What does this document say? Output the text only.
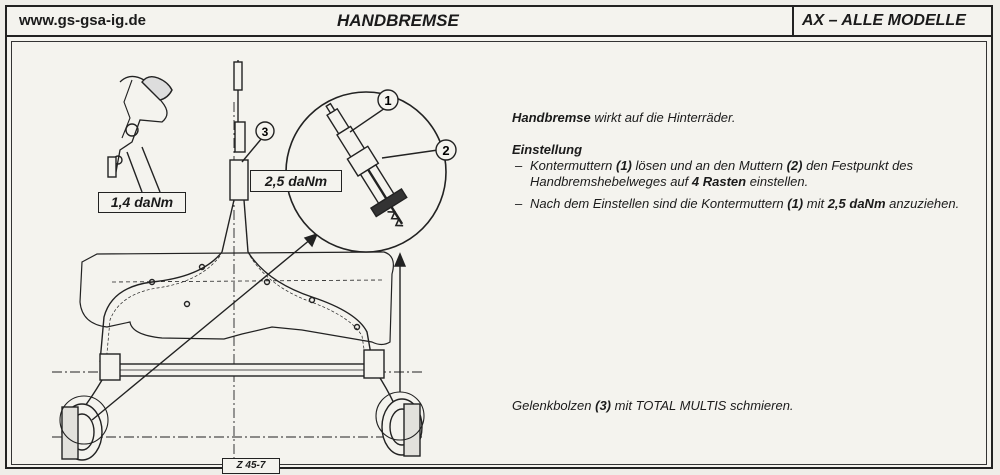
www.gs-gsa-ig.de	HANDBREMSE	AX – ALLE MODELLE
1
2
3
1,4 daNm
2,5 daNm
Z 45-7
Handbremse wirkt auf die Hinterräder.
Einstellung
– Kontermuttern (1) lösen und an den Muttern (2) den Festpunkt des Handbremshebelweges auf 4 Rasten einstellen.
– Nach dem Einstellen sind die Kontermuttern (1) mit 2,5 daNm anzuziehen.
Gelenkbolzen (3) mit TOTAL MULTIS schmieren.
